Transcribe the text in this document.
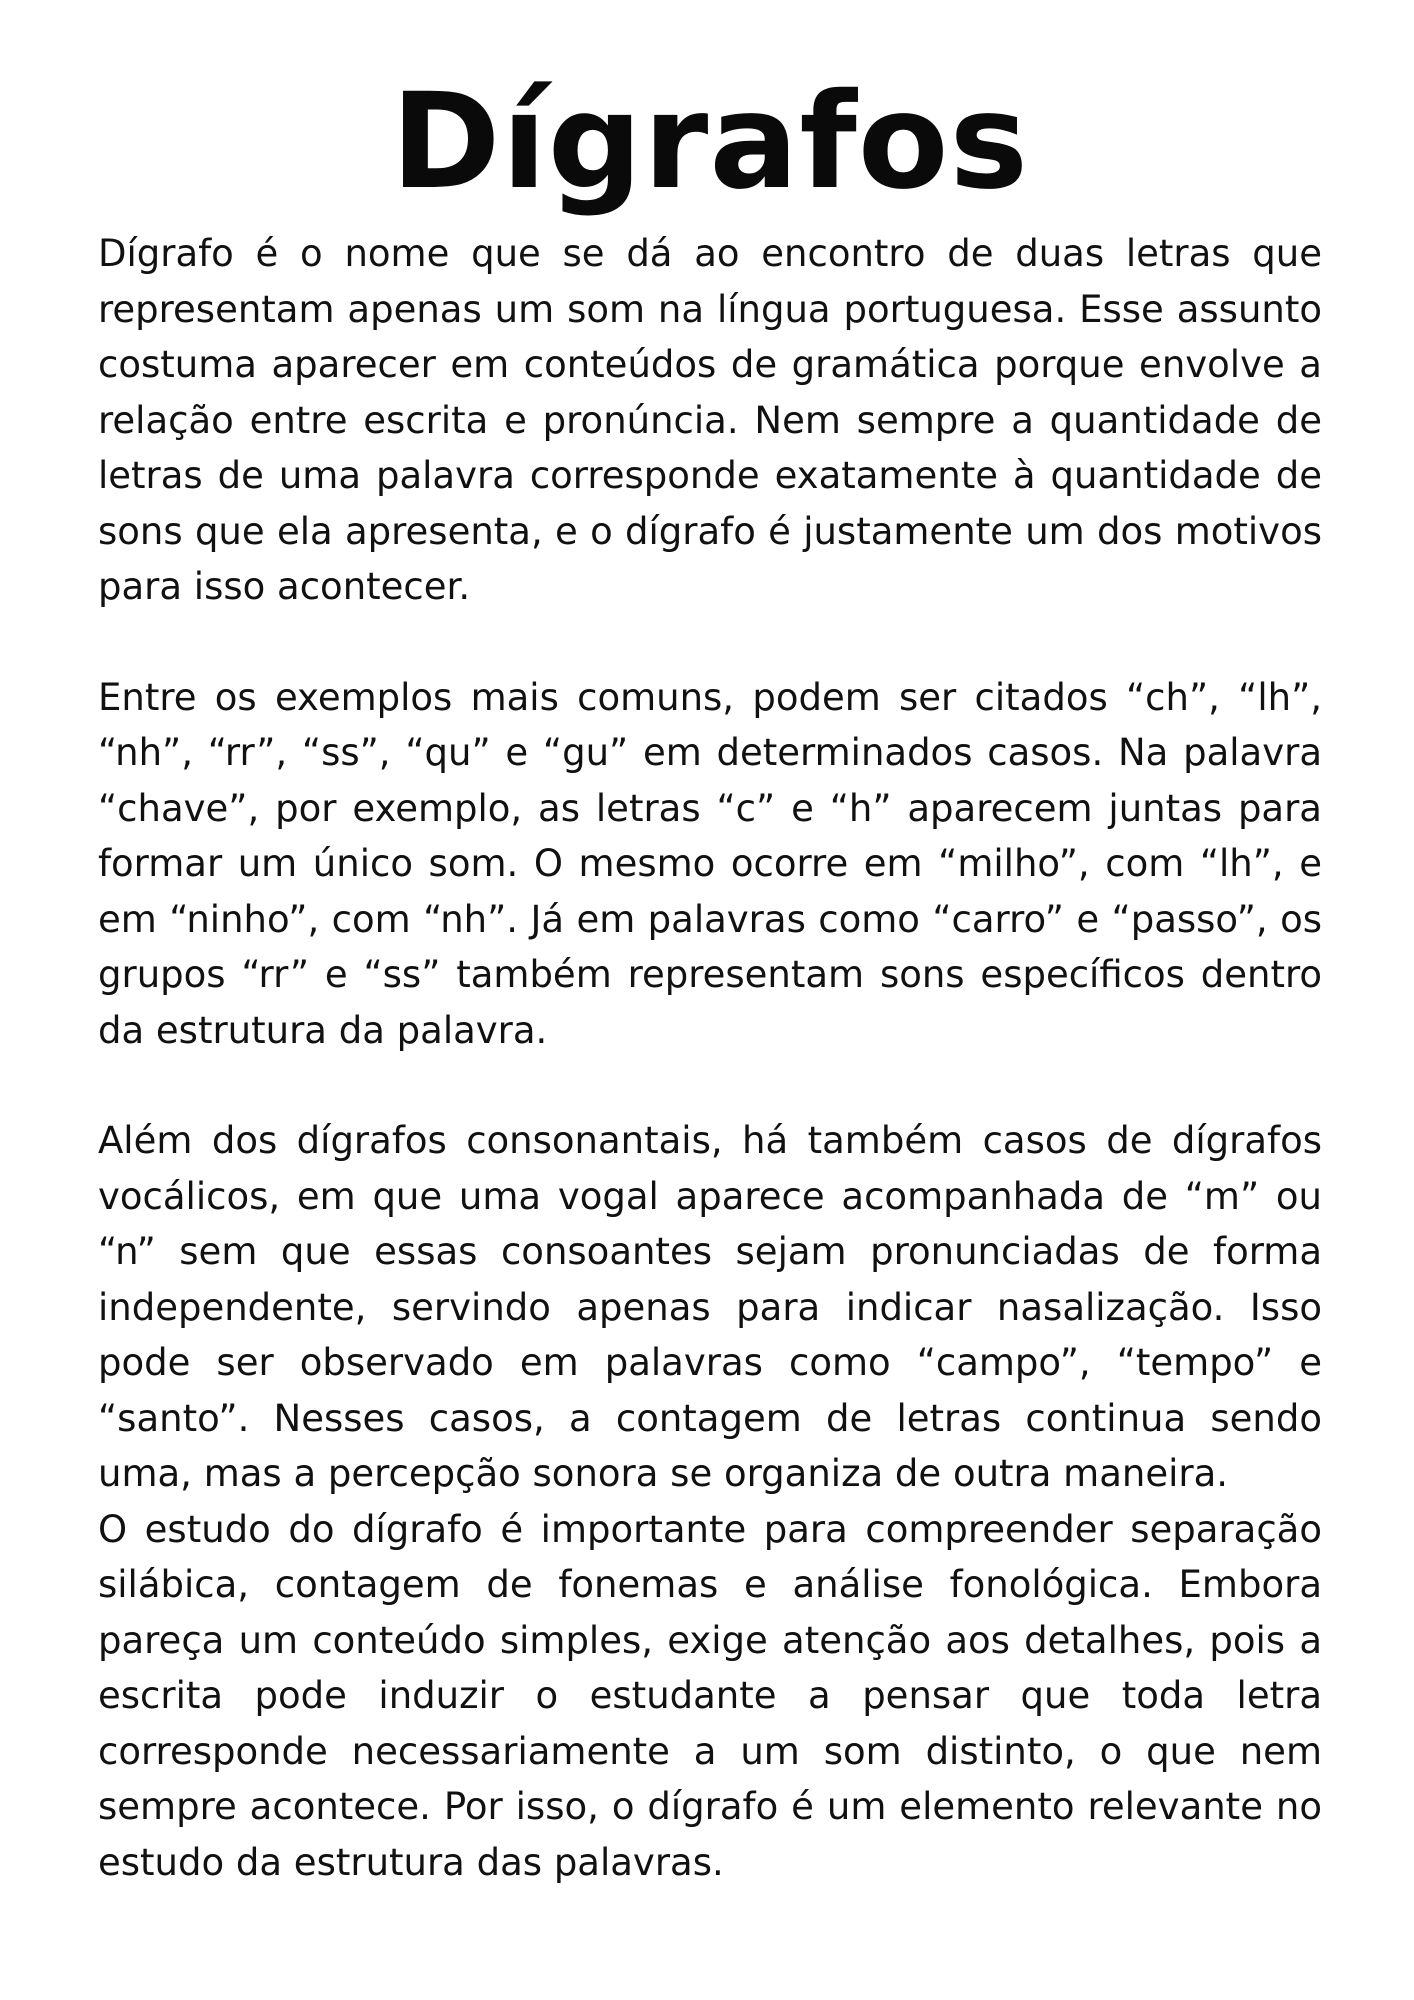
Dígrafos

Dígrafo é o nome que se dá ao encontro de duas letras que representam apenas um som na língua portuguesa. Esse assunto costuma aparecer em conteúdos de gramática porque envolve a relação entre escrita e pronúncia. Nem sempre a quantidade de letras de uma palavra corresponde exatamente à quantidade de sons que ela apresenta, e o dígrafo é justamente um dos motivos para isso acontecer.

Entre os exemplos mais comuns, podem ser citados “ch”, “lh”, “nh”, “rr”, “ss”, “qu” e “gu” em determinados casos. Na palavra “chave”, por exemplo, as letras “c” e “h” aparecem juntas para formar um único som. O mesmo ocorre em “milho”, com “lh”, e em “ninho”, com “nh”. Já em palavras como “carro” e “passo”, os grupos “rr” e “ss” também representam sons específicos dentro da estrutura da palavra.

Além dos dígrafos consonantais, há também casos de dígrafos vocálicos, em que uma vogal aparece acompanhada de “m” ou “n” sem que essas consoantes sejam pronunciadas de forma independente, servindo apenas para indicar nasalização. Isso pode ser observado em palavras como “campo”, “tempo” e “santo”. Nesses casos, a contagem de letras continua sendo uma, mas a percepção sonora se organiza de outra maneira.

O estudo do dígrafo é importante para compreender separação silábica, contagem de fonemas e análise fonológica. Embora pareça um conteúdo simples, exige atenção aos detalhes, pois a escrita pode induzir o estudante a pensar que toda letra corresponde necessariamente a um som distinto, o que nem sempre acontece. Por isso, o dígrafo é um elemento relevante no estudo da estrutura das palavras.
